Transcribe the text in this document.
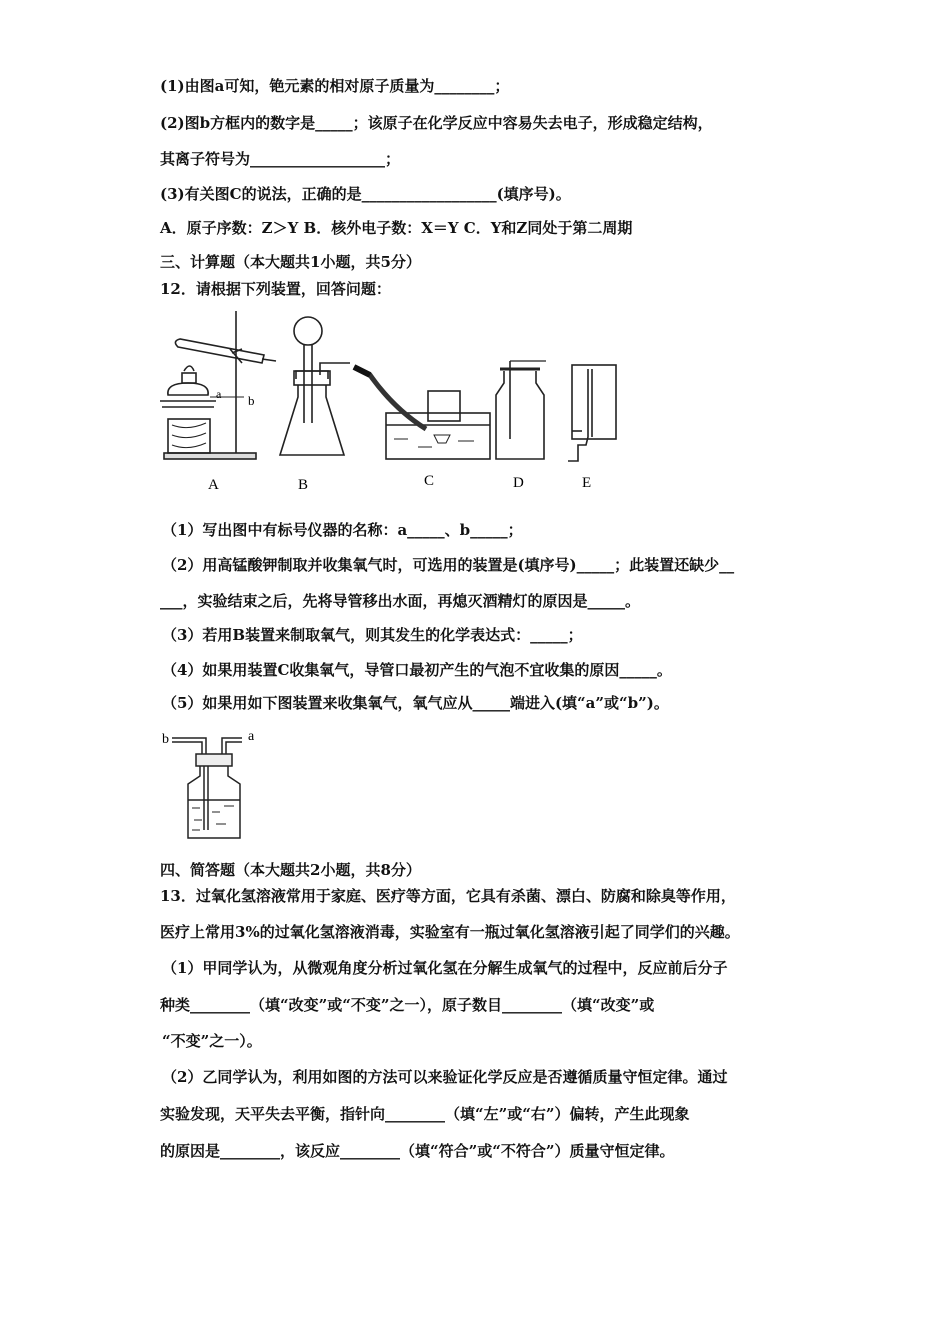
(1)由图a可知，铯元素的相对原子质量为________；
(2)图b方框内的数字是_____；该原子在化学反应中容易失去电子，形成稳定结构，
其离子符号为__________________；
(3)有关图C的说法，正确的是__________________(填序号)。
A．原子序数：Z＞Y B．核外电子数：X＝Y C．Y和Z同处于第二周期
三、计算题（本大题共1小题，共5分）
12．请根据下列装置，回答问题：
a b
A	B	C	D	E
（1）写出图中有标号仪器的名称：a_____、b_____；
（2）用高锰酸钾制取并收集氧气时，可选用的装置是(填序号)_____；此装置还缺少__
___，实验结束之后，先将导管移出水面，再熄灭酒精灯的原因是_____。
（3）若用B装置来制取氧气，则其发生的化学表达式：_____；
（4）如果用装置C收集氧气，导管口最初产生的气泡不宜收集的原因_____。
（5）如果用如下图装置来收集氧气，氧气应从_____端进入(填“a”或“b”)。
b	a
四、简答题（本大题共2小题，共8分）
13．过氧化氢溶液常用于家庭、医疗等方面，它具有杀菌、漂白、防腐和除臭等作用，
医疗上常用3%的过氧化氢溶液消毒，实验室有一瓶过氧化氢溶液引起了同学们的兴趣。
（1）甲同学认为，从微观角度分析过氧化氢在分解生成氧气的过程中，反应前后分子
种类________（填“改变”或“不变”之一），原子数目________（填“改变”或
“不变”之一）。
（2）乙同学认为，利用如图的方法可以来验证化学反应是否遵循质量守恒定律。通过
实验发现，天平失去平衡，指针向________（填“左”或“右”）偏转，产生此现象
的原因是________，该反应________（填“符合”或“不符合”）质量守恒定律。
